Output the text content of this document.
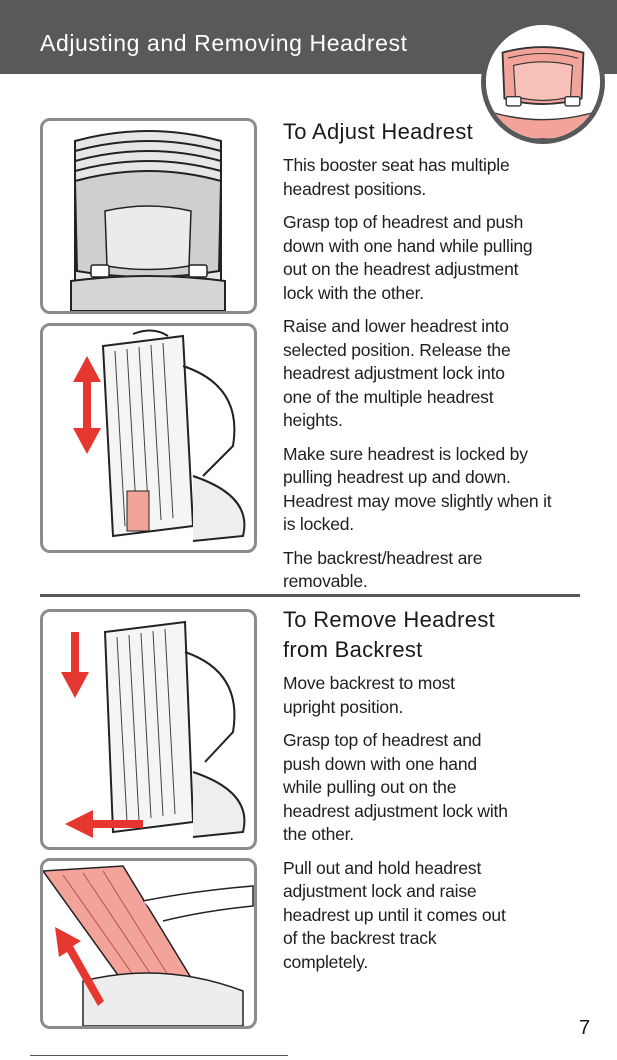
Adjusting and Removing Headrest
To Adjust Headrest

This booster seat has multiple headrest positions.

Grasp top of headrest and push down with one hand while pulling out on the headrest adjustment lock with the other.

Raise and lower headrest into selected position. Release the headrest adjustment lock into one of the multiple headrest heights.

Make sure headrest is locked by pulling headrest up and down. Headrest may move slightly when it is locked.

The backrest/headrest are removable.

To Remove Headrest
from Backrest

Move backrest to most upright position.

Grasp top of headrest and push down with one hand while pulling out on the headrest adjustment lock with the other.

Pull out and hold headrest adjustment lock and raise headrest up until it comes out of the backrest track completely.

7
